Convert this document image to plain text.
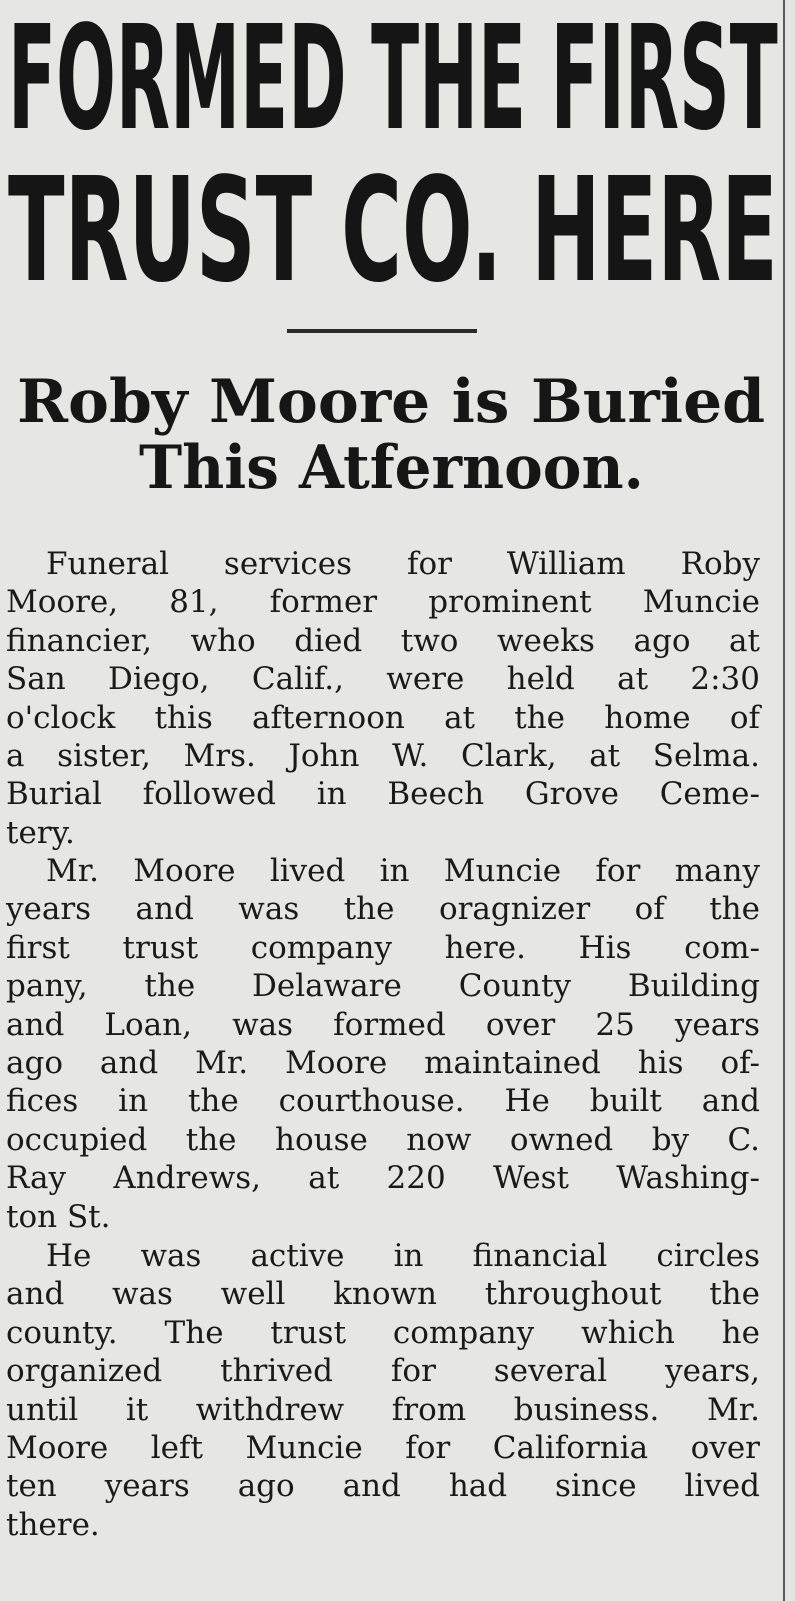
FORMED THE FIRST
TRUST CO. HERE
Roby Moore is Buried
This Atfernoon.
Funeral services for William Roby
Moore, 81, former prominent Muncie
financier, who died two weeks ago at
San Diego, Calif., were held at 2:30
o'clock this afternoon at the home of
a sister, Mrs. John W. Clark, at Selma.
Burial followed in Beech Grove Ceme-
tery.
Mr. Moore lived in Muncie for many
years and was the oragnizer of the
first trust company here. His com-
pany, the Delaware County Building
and Loan, was formed over 25 years
ago and Mr. Moore maintained his of-
fices in the courthouse. He built and
occupied the house now owned by C.
Ray Andrews, at 220 West Washing-
ton St.
He was active in financial circles
and was well known throughout the
county. The trust company which he
organized thrived for several years,
until it withdrew from business. Mr.
Moore left Muncie for California over
ten years ago and had since lived
there.
